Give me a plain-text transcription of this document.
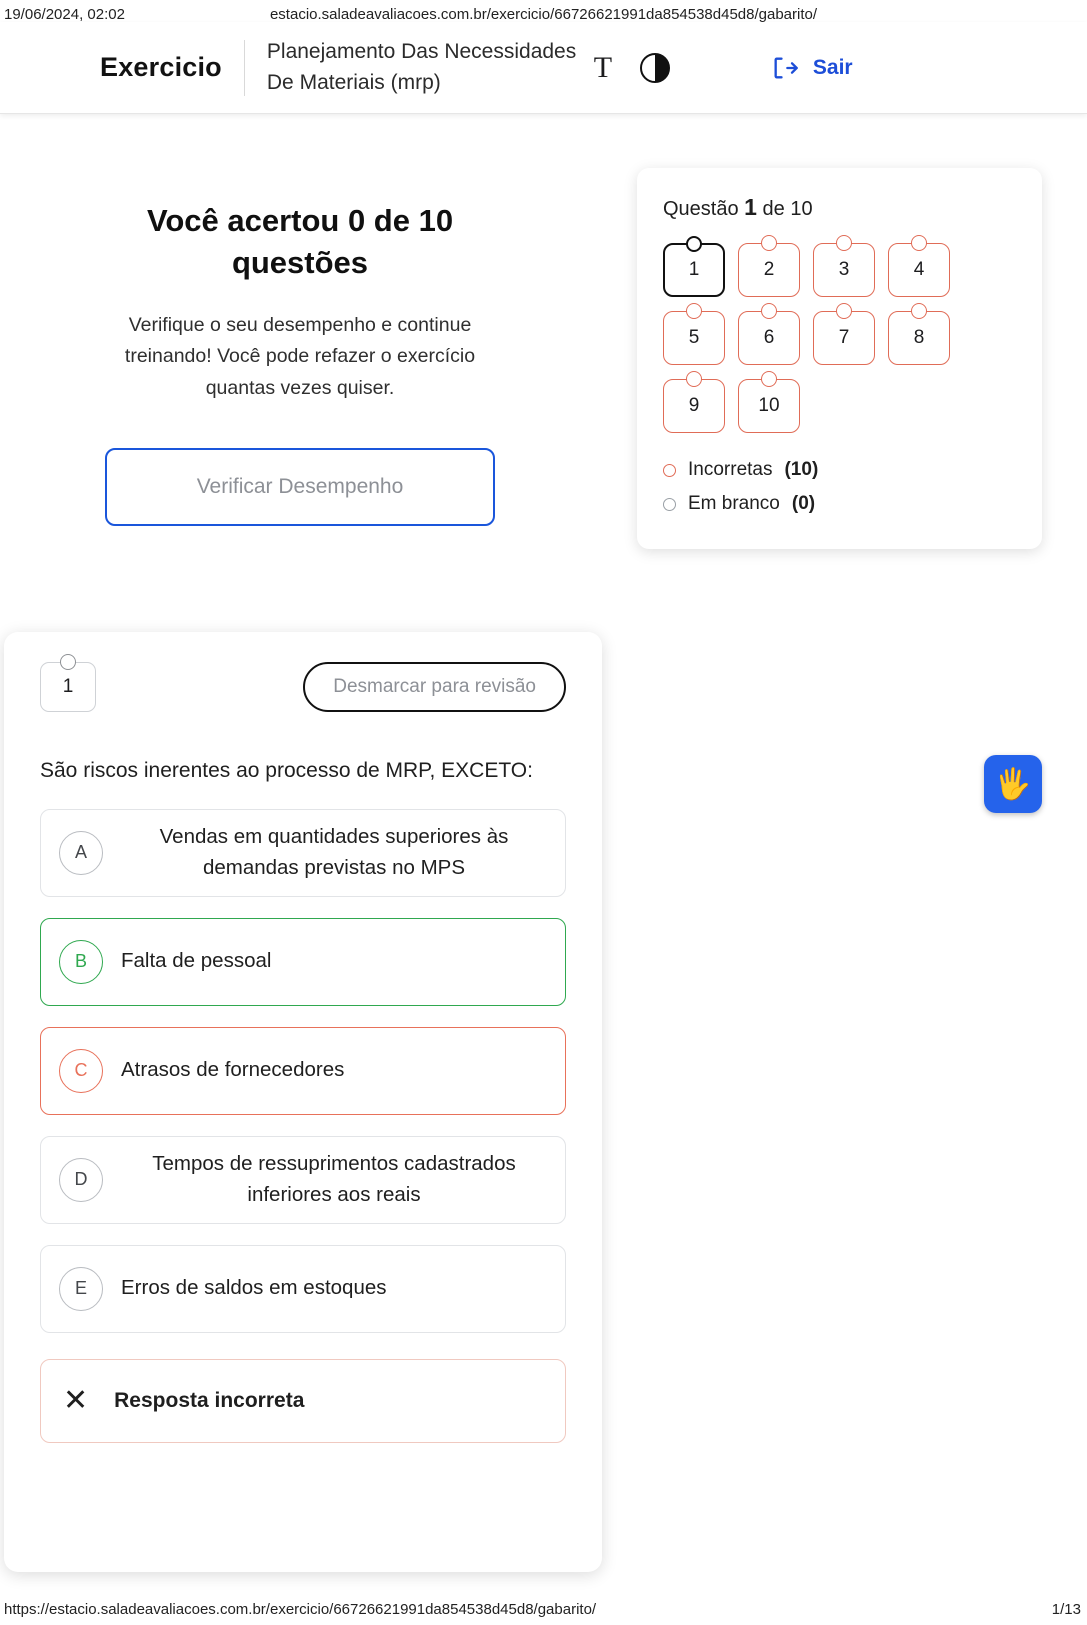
19/06/2024, 02:02	estacio.saladeavaliacoes.com.br/exercicio/66726621991da854538d45d8/gabarito/
Exercicio
Planejamento Das Necessidades De Materiais (mrp)	T	Sair
Você acertou 0 de 10 questões

Verifique o seu desempenho e continue treinando! Você pode refazer o exercício quantas vezes quiser.

Verificar Desempenho
Questão 1 de 10
1	2	3	4
5	6	7	8
9	10
Incorretas (10)
Em branco (0)
1	Desmarcar para revisão
São riscos inerentes ao processo de MRP, EXCETO:
A
Vendas em quantidades superiores às demandas previstas no MPS
B	Falta de pessoal
C	Atrasos de fornecedores
D
Tempos de ressuprimentos cadastrados inferiores aos reais
E	Erros de saldos em estoques
✕ Resposta incorreta
🖐
https://estacio.saladeavaliacoes.com.br/exercicio/66726621991da854538d45d8/gabarito/	1/13
